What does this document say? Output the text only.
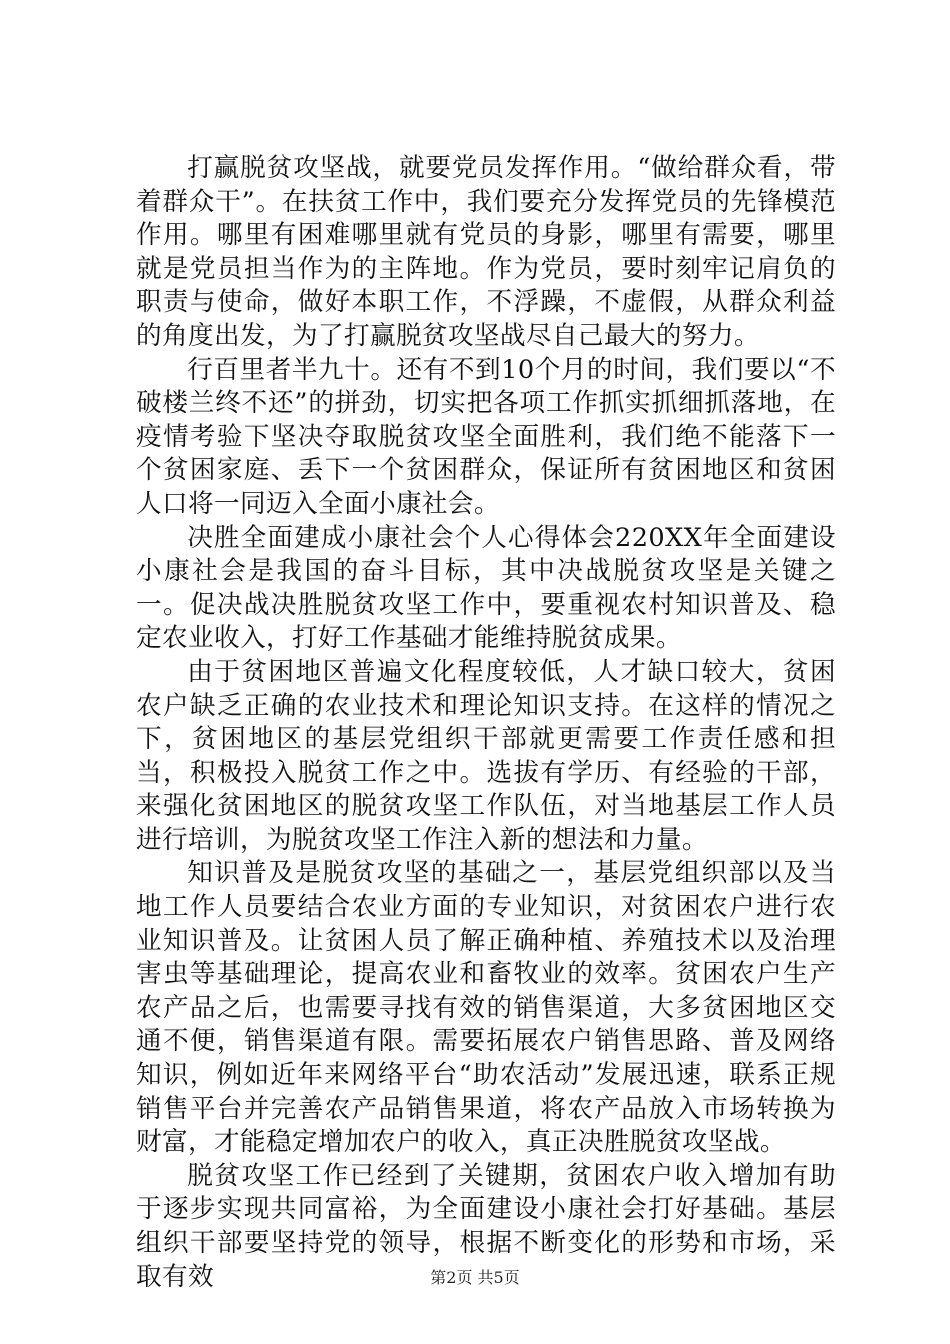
打赢脱贫攻坚战，就要党员发挥作用。“做给群众看，带着群众干”。在扶贫工作中，我们要充分发挥党员的先锋模范作用。哪里有困难哪里就有党员的身影，哪里有需要，哪里就是党员担当作为的主阵地。作为党员，要时刻牢记肩负的职责与使命，做好本职工作，不浮躁，不虚假，从群众利益的角度出发，为了打赢脱贫攻坚战尽自己最大的努力。

行百里者半九十。还有不到10个月的时间，我们要以“不破楼兰终不还”的拼劲，切实把各项工作抓实抓细抓落地，在疫情考验下坚决夺取脱贫攻坚全面胜利，我们绝不能落下一个贫困家庭、丢下一个贫困群众，保证所有贫困地区和贫困人口将一同迈入全面小康社会。

决胜全面建成小康社会个人心得体会220XX年全面建设小康社会是我国的奋斗目标，其中决战脱贫攻坚是关键之一。促决战决胜脱贫攻坚工作中，要重视农村知识普及、稳定农业收入，打好工作基础才能维持脱贫成果。

由于贫困地区普遍文化程度较低，人才缺口较大，贫困农户缺乏正确的农业技术和理论知识支持。在这样的情况之下，贫困地区的基层党组织干部就更需要工作责任感和担当，积极投入脱贫工作之中。选拔有学历、有经验的干部，来强化贫困地区的脱贫攻坚工作队伍，对当地基层工作人员进行培训，为脱贫攻坚工作注入新的想法和力量。

知识普及是脱贫攻坚的基础之一，基层党组织部以及当地工作人员要结合农业方面的专业知识，对贫困农户进行农业知识普及。让贫困人员了解正确种植、养殖技术以及治理害虫等基础理论，提高农业和畜牧业的效率。贫困农户生产农产品之后，也需要寻找有效的销售渠道，大多贫困地区交通不便，销售渠道有限。需要拓展农户销售思路、普及网络知识，例如近年来网络平台“助农活动”发展迅速，联系正规销售平台并完善农产品销售果道，将农产品放入市场转换为财富，才能稳定增加农户的收入，真正决胜脱贫攻坚战。

脱贫攻坚工作已经到了关键期，贫困农户收入增加有助于逐步实现共同富裕，为全面建设小康社会打好基础。基层组织干部要坚持党的领导，根据不断变化的形势和市场，采取有效	第2页 共5页
